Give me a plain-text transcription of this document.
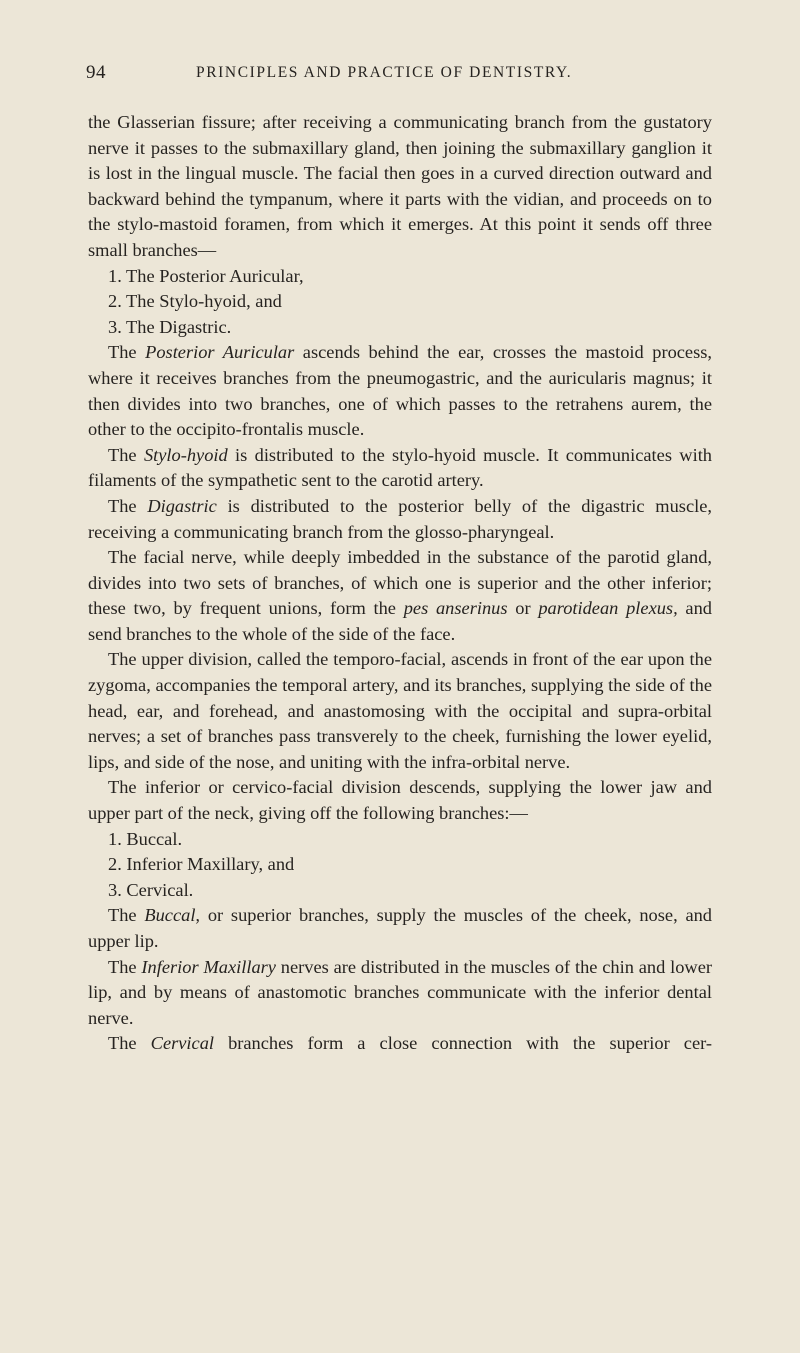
94	PRINCIPLES AND PRACTICE OF DENTISTRY.

the Glasserian fissure; after receiving a communicating branch from the gustatory nerve it passes to the submaxillary gland, then joining the submaxillary ganglion it is lost in the lingual muscle. The facial then goes in a curved direction outward and backward behind the tympanum, where it parts with the vidian, and proceeds on to the stylo-mastoid foramen, from which it emerges. At this point it sends off three small branches—

1. The Posterior Auricular,

2. The Stylo-hyoid, and

3. The Digastric.

The Posterior Auricular ascends behind the ear, crosses the mastoid process, where it receives branches from the pneumogastric, and the auricularis magnus; it then divides into two branches, one of which passes to the retrahens aurem, the other to the occipito-frontalis muscle.

The Stylo-hyoid is distributed to the stylo-hyoid muscle. It communicates with filaments of the sympathetic sent to the carotid artery.

The Digastric is distributed to the posterior belly of the digastric muscle, receiving a communicating branch from the glosso-pharyngeal.

The facial nerve, while deeply imbedded in the substance of the parotid gland, divides into two sets of branches, of which one is superior and the other inferior; these two, by frequent unions, form the pes anserinus or parotidean plexus, and send branches to the whole of the side of the face.

The upper division, called the temporo-facial, ascends in front of the ear upon the zygoma, accompanies the temporal artery, and its branches, supplying the side of the head, ear, and forehead, and anastomosing with the occipital and supra-orbital nerves; a set of branches pass transverely to the cheek, furnishing the lower eyelid, lips, and side of the nose, and uniting with the infra-orbital nerve.

The inferior or cervico-facial division descends, supplying the lower jaw and upper part of the neck, giving off the following branches:—

1. Buccal.

2. Inferior Maxillary, and

3. Cervical.

The Buccal, or superior branches, supply the muscles of the cheek, nose, and upper lip.

The Inferior Maxillary nerves are distributed in the muscles of the chin and lower lip, and by means of anastomotic branches communicate with the inferior dental nerve.

The Cervical branches form a close connection with the superior cer-
